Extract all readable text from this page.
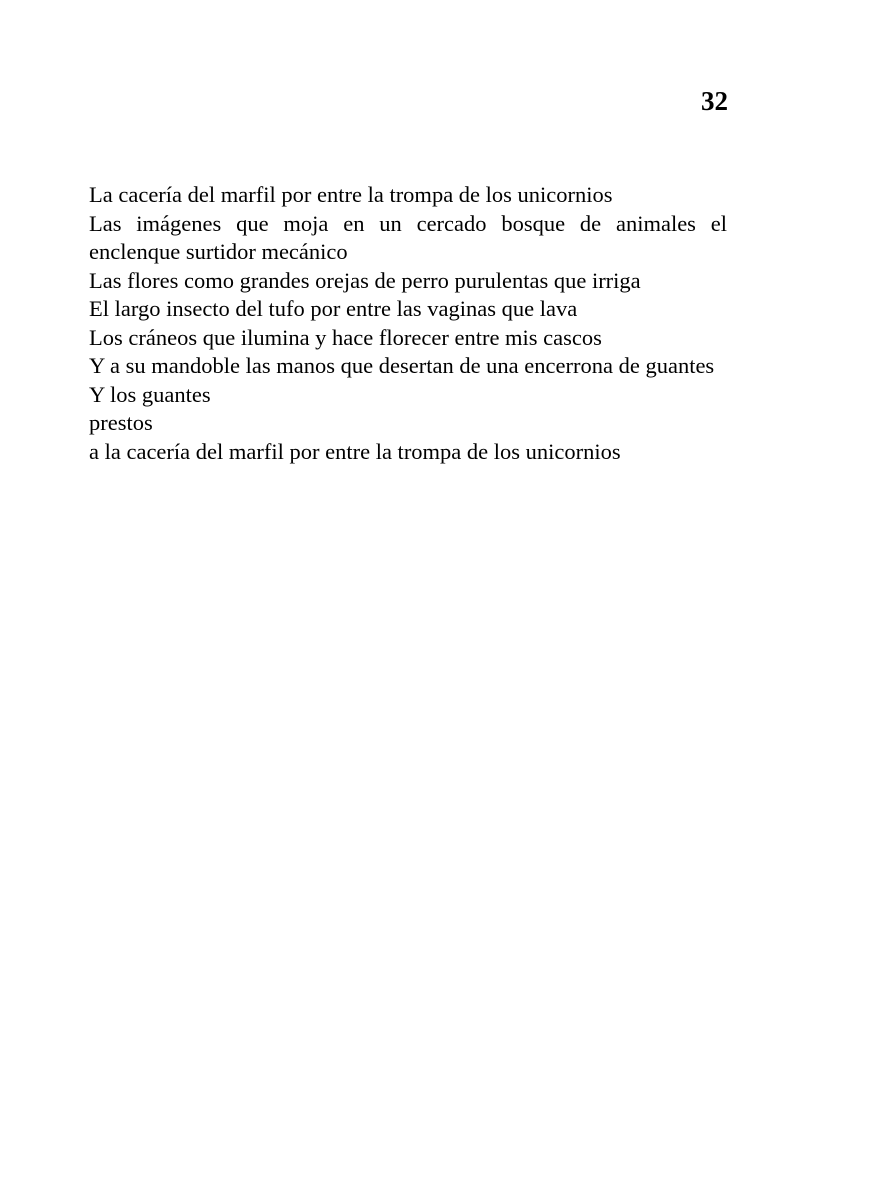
32
La cacería del marfil por entre la trompa de los unicornios
Las imágenes que moja en un cercado bosque de animales el enclenque surtidor mecánico
Las flores como grandes orejas de perro purulentas que irriga
El largo insecto del tufo por entre las vaginas que lava
Los cráneos que ilumina y hace florecer entre mis cascos
Y a su mandoble las manos que desertan de una encerrona de guantes
Y los guantes
prestos
a la cacería del marfil por entre la trompa de los unicornios
